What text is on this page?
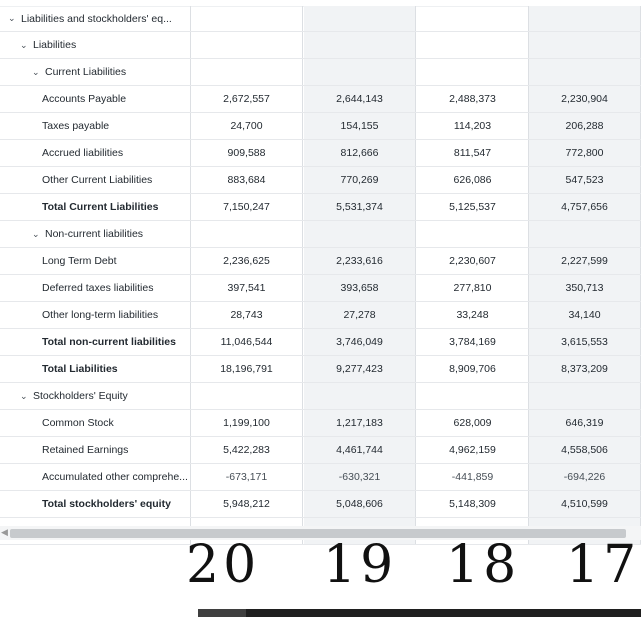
⌄ Liabilities and stockholders' eq...
⌄ Liabilities
⌄ Current Liabilities
Accounts Payable	2,672,557	2,644,143	2,488,373	2,230,904
Taxes payable	24,700	154,155	114,203	206,288
Accrued liabilities	909,588	812,666	811,547	772,800
Other Current Liabilities	883,684	770,269	626,086	547,523
Total Current Liabilities	7,150,247	5,531,374	5,125,537	4,757,656
⌄ Non-current liabilities
Long Term Debt	2,236,625	2,233,616	2,230,607	2,227,599
Deferred taxes liabilities	397,541	393,658	277,810	350,713
Other long-term liabilities	28,743	27,278	33,248	34,140
Total non-current liabilities	11,046,544	3,746,049	3,784,169	3,615,553
Total Liabilities	18,196,791	9,277,423	8,909,706	8,373,209
⌄ Stockholders' Equity
Common Stock	1,199,100	1,217,183	628,009	646,319
Retained Earnings	5,422,283	4,461,744	4,962,159	4,558,506
Accumulated other comprehe...	-673,171	-630,321	-441,859	-694,226
Total stockholders' equity	5,948,212	5,048,606	5,148,309	4,510,599
◀
20 19 18 17
